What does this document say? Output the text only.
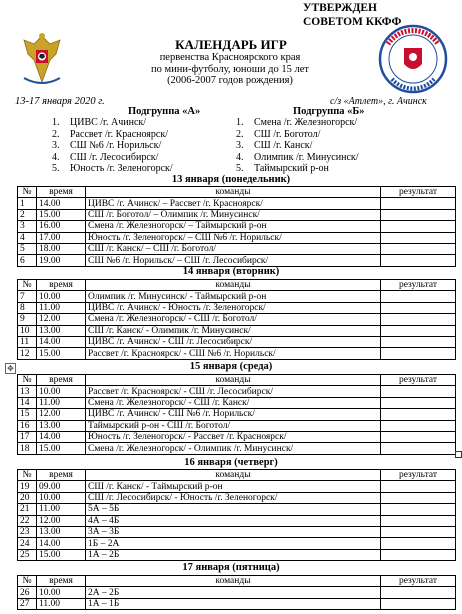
УТВЕРЖДЕН
СОВЕТОМ ККФФ
КАЛЕНДАРЬ ИГР
первенства Красноярского края
по мини-футболу, юноши до 15 лет
(2006-2007 годов рождения)
13-17 января 2020 г.	с/з «Атлет», г. Ачинск
Подгруппа «А»	Подгруппа «Б»
1. ЦИВС /г. Ачинск/
2. Рассвет /г. Красноярск/
3. СШ №6 /г. Норильск/
4. СШ /г. Лесосибирск/
5. Юность /г. Зеленогорск/
1. Смена /г. Железногорск/
2. СШ /г. Боготол/
3. СШ /г. Канск/
4. Олимпик /г. Минусинск/
5. Таймырский р-он
13 января (понедельник)
№	время	команды	результат
1	14.00	ЦИВС /г. Ачинск/ – Рассвет /г. Красноярск/	
2	15.00	СШ /г. Боготол/ – Олимпик /г. Минусинск/	
3	16.00	Смена /г. Железногорск/ – Таймырский р-он	
4	17.00	Юность /г. Зеленогорск/ – СШ №6 /г. Норильск/	
5	18.00	СШ /г. Канск/ – СШ /г. Боготол/	
6	19.00	СШ №6 /г. Норильск/ – СШ /г. Лесосибирск/	
14 января (вторник)
№	время	команды	результат
7	10.00	Олимпик /г. Минусинск/ - Таймырский р-он	
8	11.00	ЦИВС /г. Ачинск/ - Юность /г. Зеленогорск/	
9	12.00	Смена /г. Железногорск/ - СШ /г. Боготол/	
10	13.00	СШ /г. Канск/ - Олимпик /г. Минусинск/	
11	14.00	ЦИВС /г. Ачинск/ - СШ /г. Лесосибирск/	
12	15.00	Рассвет /г. Красноярск/ - СШ №6 /г. Норильск/	
✥	15 января (среда)
№	время	команды	результат
13	10.00	Рассвет /г. Красноярск/ - СШ /г. Лесосибирск/	
14	11.00	Смена /г. Железногорск/ - СШ /г. Канск/	
15	12.00	ЦИВС /г. Ачинск/ - СШ №6 /г. Норильск/	
16	13.00	Таймырский р-он - СШ /г. Боготол/	
17	14.00	Юность /г. Зеленогорск/ - Рассвет /г. Красноярск/	
18	15.00	Смена /г. Железногорск/ - Олимпик /г. Минусинск/	
16 января (четверг)
№	время	команды	результат
19	09.00	СШ /г. Канск/ - Таймырский р-он	
20	10.00	СШ /г. Лесосибирск/ - Юность /г. Зеленогорск/	
21	11.00	5А – 5Б	
22	12.00	4А – 4Б	
23	13.00	3А – 3Б	
24	14.00	1Б – 2А	
25	15.00	1А – 2Б	
17 января (пятница)
№	время	команды	результат
26	10.00	2А – 2Б	
27	11.00	1А – 1Б	
